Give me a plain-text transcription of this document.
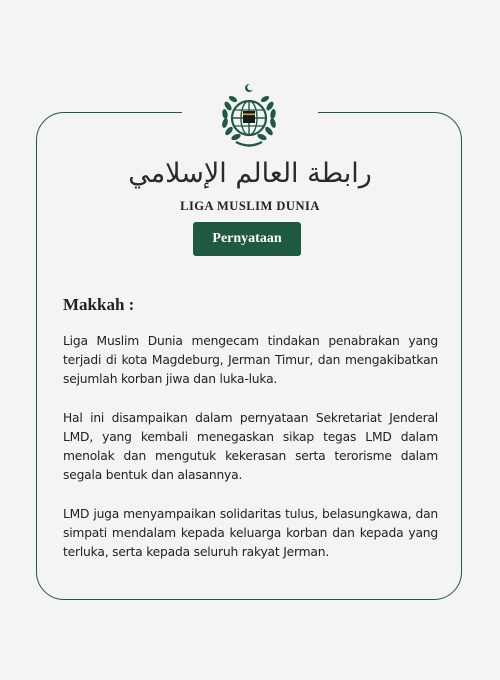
رابطة العالم الإسلامي
LIGA MUSLIM DUNIA
Pernyataan
Makkah :

Liga Muslim Dunia mengecam tindakan penabrakan yang terjadi di kota Magdeburg, Jerman Timur, dan mengakibatkan sejumlah korban jiwa dan luka-luka.

Hal ini disampaikan dalam pernyataan Sekretariat Jenderal LMD, yang kembali menegaskan sikap tegas LMD dalam menolak dan mengutuk kekerasan serta terorisme dalam segala bentuk dan alasannya.

LMD juga menyampaikan solidaritas tulus, belasungkawa, dan simpati mendalam kepada keluarga korban dan kepada yang terluka, serta kepada seluruh rakyat Jerman.
